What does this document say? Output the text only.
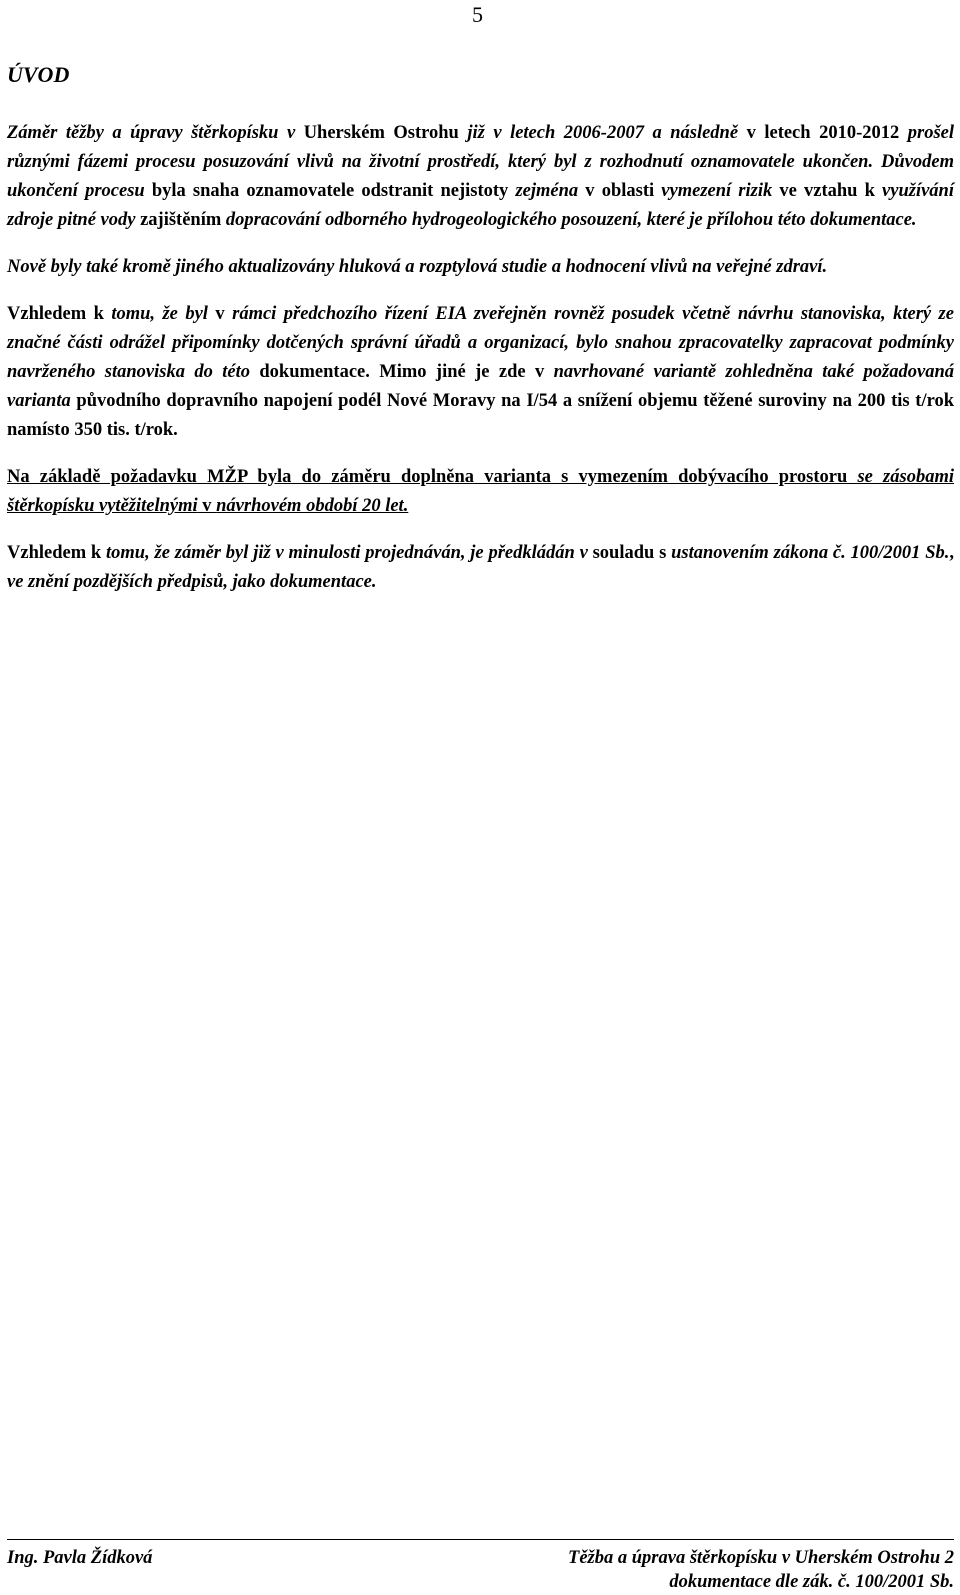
5
ÚVOD

Záměr těžby a úpravy štěrkopísku v Uherském Ostrohu již v letech 2006-2007 a následně v letech 2010-2012 prošel různými fázemi procesu posuzování vlivů na životní prostředí, který byl z rozhodnutí oznamovatele ukončen. Důvodem ukončení procesu byla snaha oznamovatele odstranit nejistoty zejména v oblasti vymezení rizik ve vztahu k využívání zdroje pitné vody zajištěním dopracování odborného hydrogeologického posouzení, které je přílohou této dokumentace.

Nově byly také kromě jiného aktualizovány hluková a rozptylová studie a hodnocení vlivů na veřejné zdraví.

Vzhledem k tomu, že byl v rámci předchozího řízení EIA zveřejněn rovněž posudek včetně návrhu stanoviska, který ze značné části odrážel připomínky dotčených správní úřadů a organizací, bylo snahou zpracovatelky zapracovat podmínky navrženého stanoviska do této dokumentace. Mimo jiné je zde v navrhované variantě zohledněna také požadovaná varianta původního dopravního napojení podél Nové Moravy na I/54 a snížení objemu těžené suroviny na 200 tis t/rok namísto 350 tis. t/rok.

Na základě požadavku MŽP byla do záměru doplněna varianta s vymezením dobývacího prostoru se zásobami štěrkopísku vytěžitelnými v návrhovém období 20 let.

Vzhledem k tomu, že záměr byl již v minulosti projednáván, je předkládán v souladu s ustanovením zákona č. 100/2001 Sb., ve znění pozdějších předpisů, jako dokumentace.

Ing. Pavla Žídková	Těžba a úprava štěrkopísku v Uherském Ostrohu 2
dokumentace dle zák. č. 100/2001 Sb.
